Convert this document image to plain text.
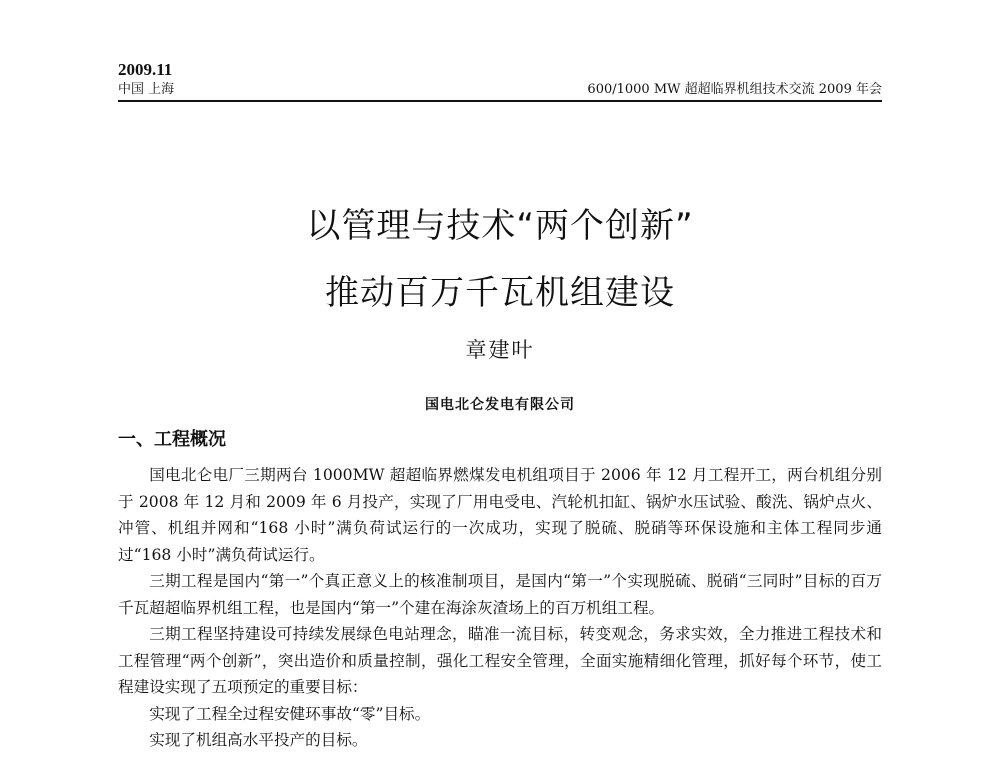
2009.11
中国 上海	600/1000 MW 超超临界机组技术交流 2009 年会
以管理与技术“两个创新”
推动百万千瓦机组建设
章建叶
国电北仑发电有限公司
一、工程概况

国电北仑电厂三期两台 1000MW 超超临界燃煤发电机组项目于 2006 年 12 月工程开工，两台机组分别于 2008 年 12 月和 2009 年 6 月投产，实现了厂用电受电、汽轮机扣缸、锅炉水压试验、酸洗、锅炉点火、冲管、机组并网和“168 小时”满负荷试运行的一次成功，实现了脱硫、脱硝等环保设施和主体工程同步通过“168 小时”满负荷试运行。

三期工程是国内“第一”个真正意义上的核准制项目，是国内“第一”个实现脱硫、脱硝“三同时”目标的百万千瓦超超临界机组工程，也是国内“第一”个建在海涂灰渣场上的百万机组工程。

三期工程坚持建设可持续发展绿色电站理念，瞄准一流目标，转变观念，务求实效，全力推进工程技术和工程管理“两个创新”，突出造价和质量控制，强化工程安全管理，全面实施精细化管理，抓好每个环节，使工程建设实现了五项预定的重要目标：

实现了工程全过程安健环事故“零”目标。

实现了机组高水平投产的目标。
